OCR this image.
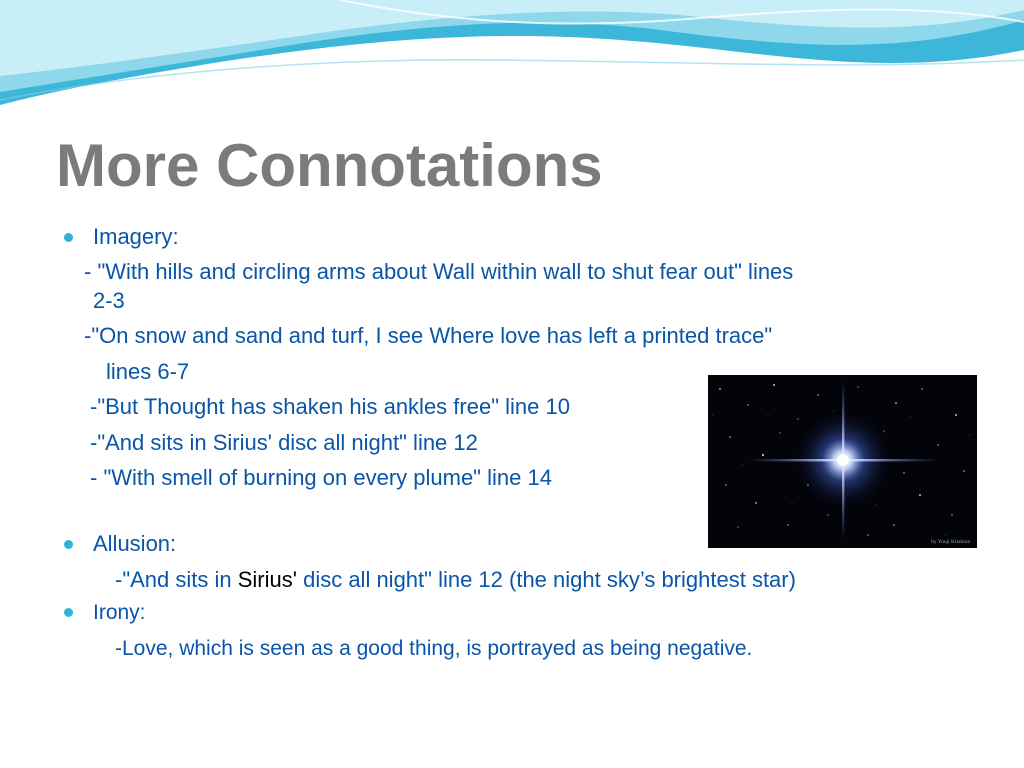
More Connotations

Imagery:

- "With hills and circling arms about Wall within wall to shut fear out" lines

2-3

-"On snow and sand and turf, I see Where love has left a printed trace"

lines 6-7

-"But Thought has shaken his ankles free" line 10

-"And sits in Sirius' disc all night" line 12

- "With smell of burning on every plume" line 14

by Yuuji Kitahara

Allusion:

-"And sits in Sirius' disc all night" line 12 (the night sky’s brightest star)

Irony:

-Love, which is seen as a good thing, is portrayed as being negative.
